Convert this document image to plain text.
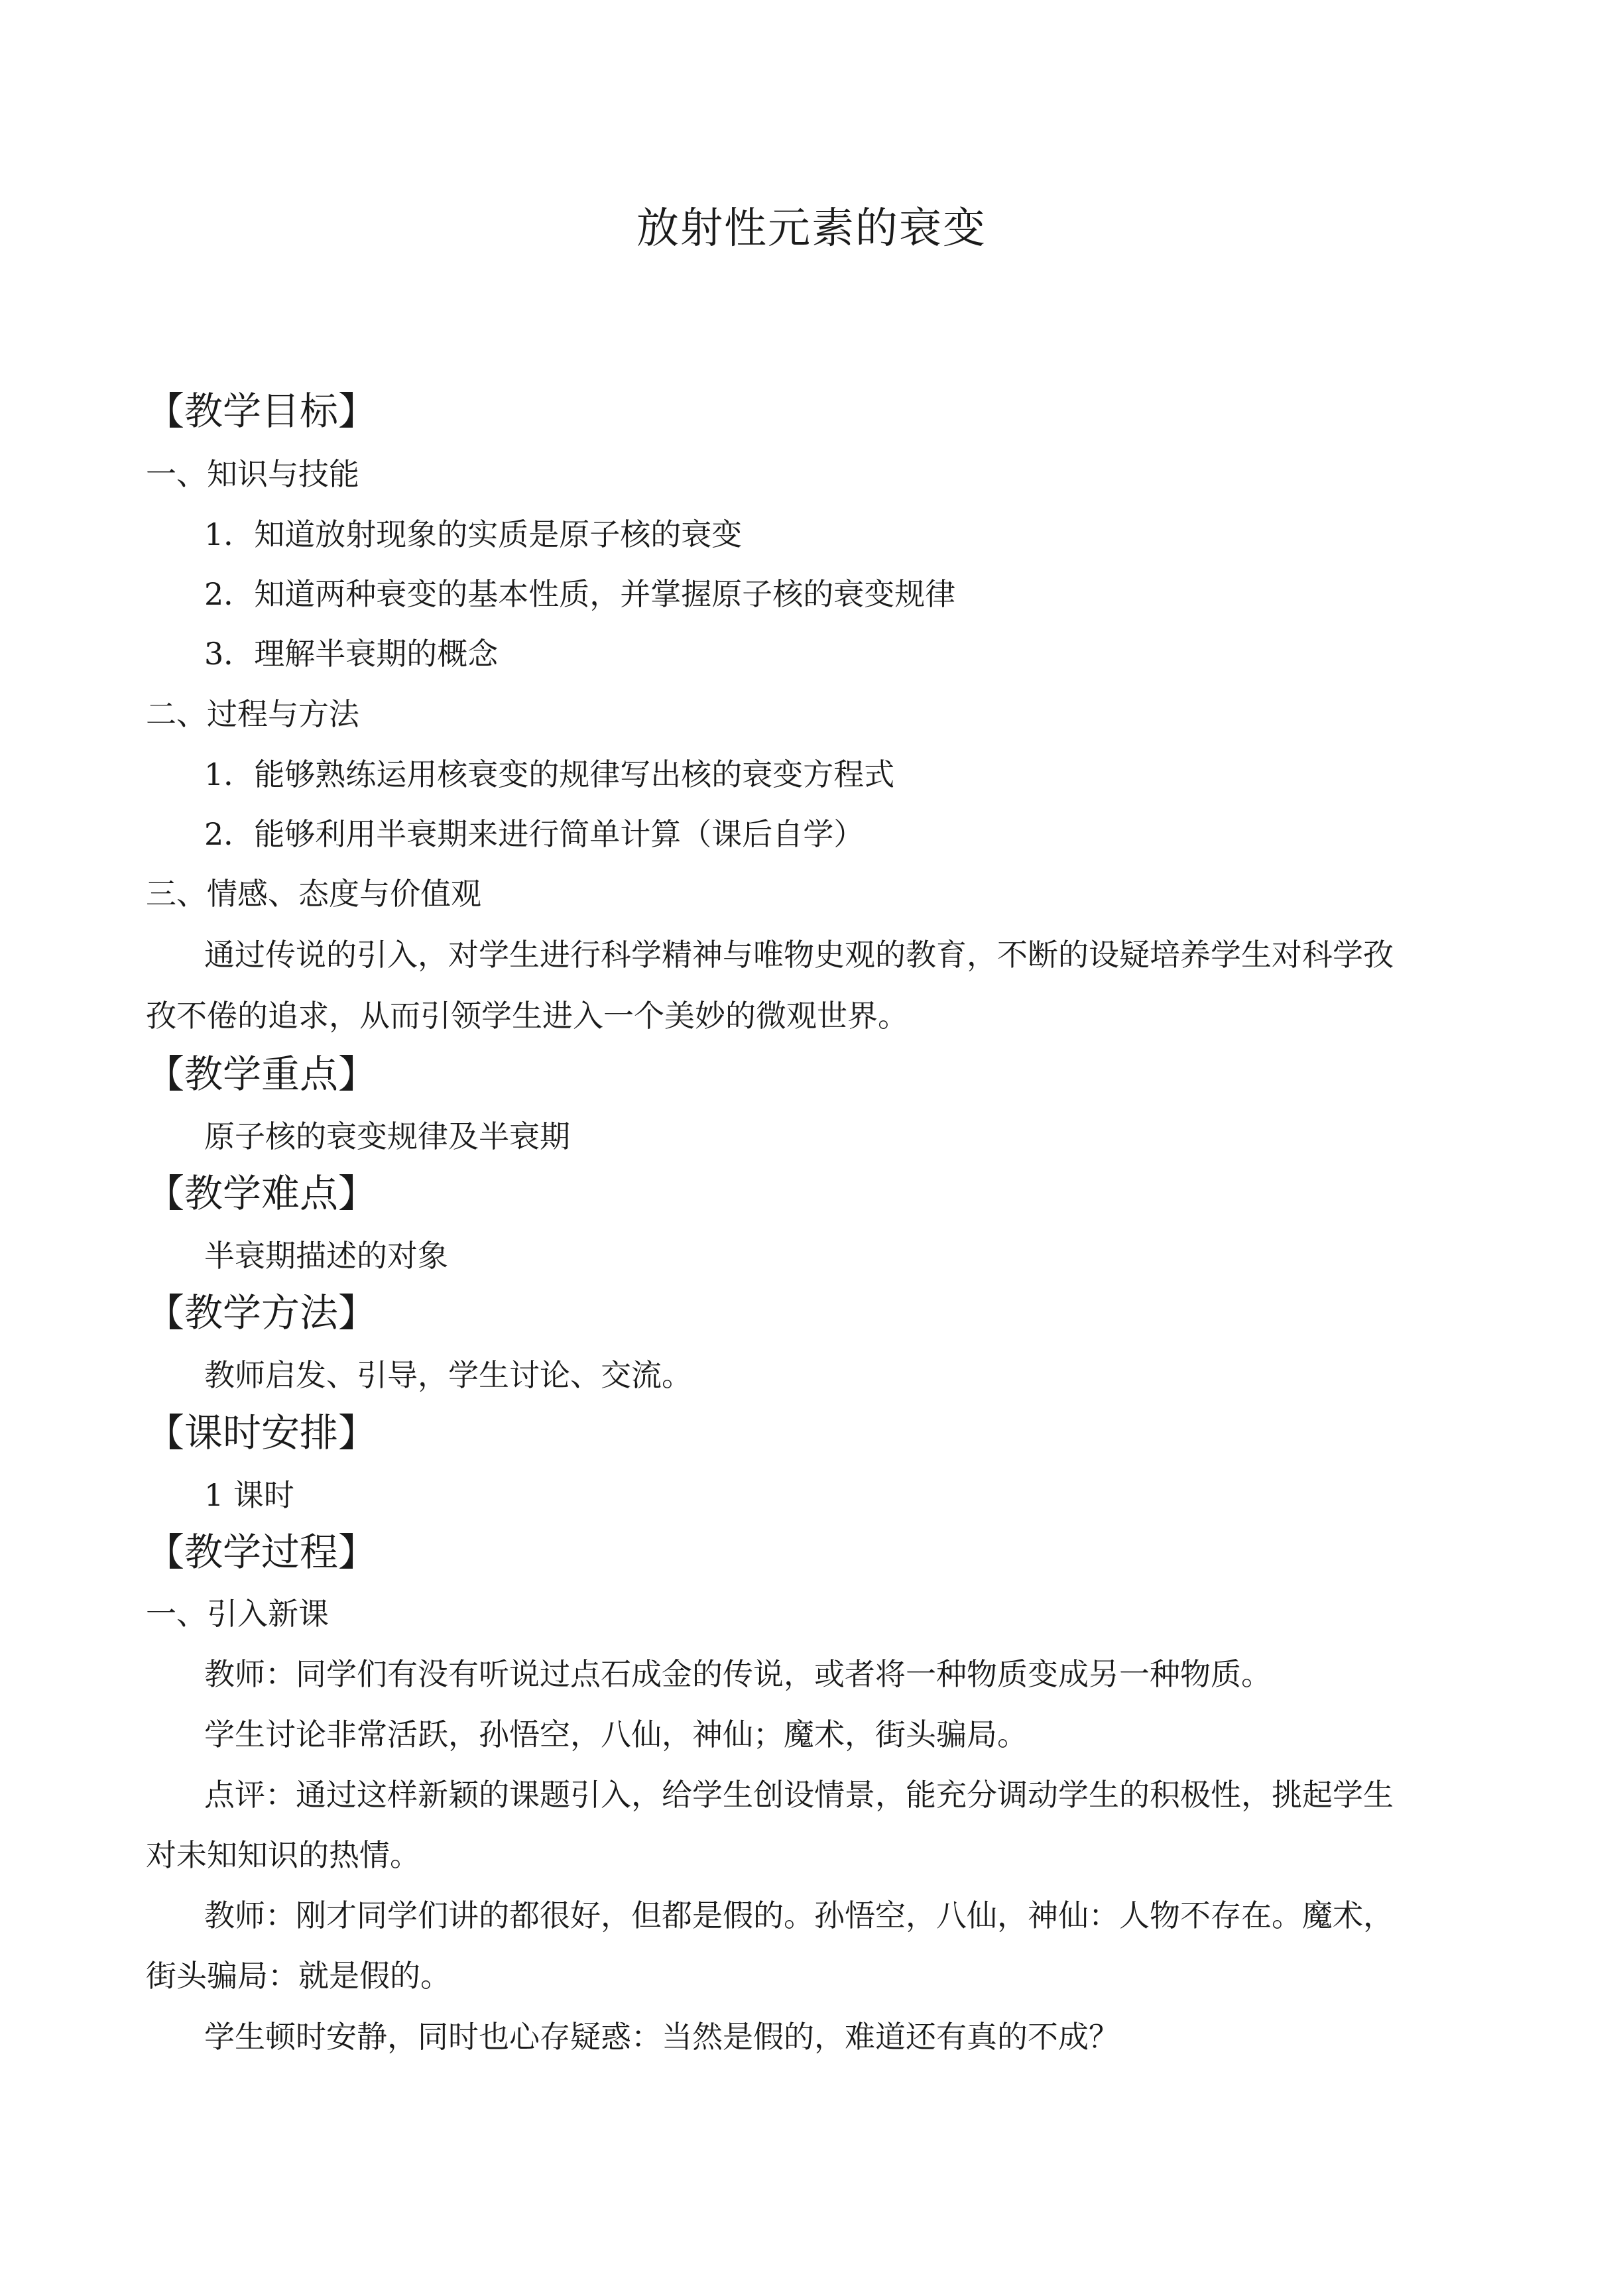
放射性元素的衰变
【教学目标】
一、知识与技能
1．知道放射现象的实质是原子核的衰变
2．知道两种衰变的基本性质，并掌握原子核的衰变规律
3．理解半衰期的概念
二、过程与方法
1．能够熟练运用核衰变的规律写出核的衰变方程式
2．能够利用半衰期来进行简单计算（课后自学）
三、情感、态度与价值观
通过传说的引入，对学生进行科学精神与唯物史观的教育，不断的设疑培养学生对科学孜
孜不倦的追求，从而引领学生进入一个美妙的微观世界。
【教学重点】
原子核的衰变规律及半衰期
【教学难点】
半衰期描述的对象
【教学方法】
教师启发、引导，学生讨论、交流。
【课时安排】
1 课时
【教学过程】
一、引入新课
教师：同学们有没有听说过点石成金的传说，或者将一种物质变成另一种物质。
学生讨论非常活跃，孙悟空，八仙，神仙；魔术，街头骗局。
点评：通过这样新颖的课题引入，给学生创设情景，能充分调动学生的积极性，挑起学生
对未知知识的热情。
教师：刚才同学们讲的都很好，但都是假的。孙悟空，八仙，神仙：人物不存在。魔术，
街头骗局：就是假的。
学生顿时安静，同时也心存疑惑：当然是假的，难道还有真的不成？
